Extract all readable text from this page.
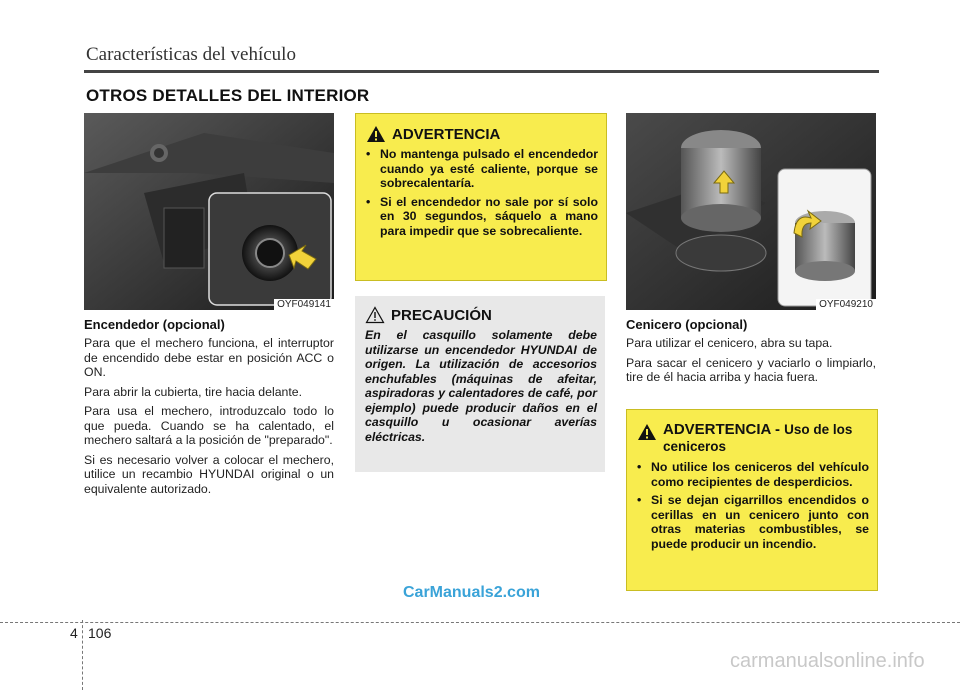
Características del vehículo
OTROS DETALLES DEL INTERIOR
OYF049141
Encendedor (opcional)

Para que el mechero funciona, el interruptor de encendido debe estar en posición ACC o ON.

Para abrir la cubierta, tire hacia delante.

Para usa el mechero, introduzcalo todo lo que pueda. Cuando se ha calentado, el mechero saltará a la posición de "preparado".

Si es necesario volver a colocar el mechero, utilice un recambio HYUNDAI original o un equivalente autorizado.

ADVERTENCIA
• No mantenga pulsado el encendedor cuando ya esté caliente, porque se sobrecalentaría.
• Si el encendedor no sale por sí solo en 30 segundos, sáquelo a mano para impedir que se sobrecaliente.
PRECAUCIÓN
En el casquillo solamente debe utilizarse un encendedor HYUNDAI de origen. La utilización de accesorios enchufables (máquinas de afeitar, aspiradoras y calentadores de café, por ejemplo) puede producir daños en el casquillo u ocasionar averías eléctricas.
OYF049210
Cenicero (opcional)

Para utilizar el cenicero, abra su tapa.

Para sacar el cenicero y vaciarlo o limpiarlo, tire de él hacia arriba y hacia fuera.

ADVERTENCIA - Uso de los ceniceros
• No utilice los ceniceros del vehículo como recipientes de desperdicios.
• Si se dejan cigarrillos encendidos o cerillas en un cenicero junto con otras materias combustibles, se puede producir un incendio.
CarManuals2.com
4 106
carmanualsonline.info
